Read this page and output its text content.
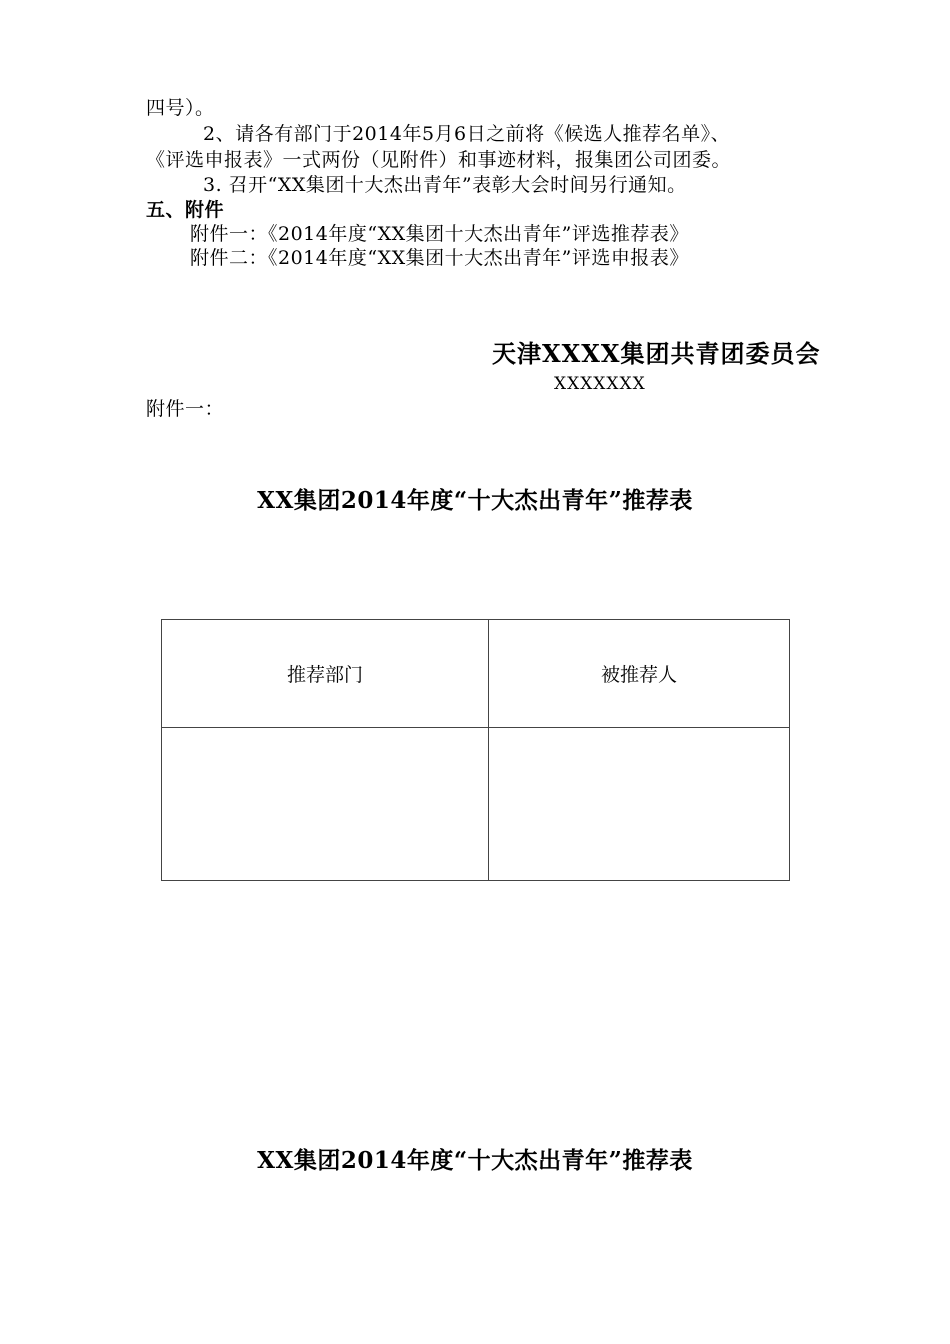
四号）。
2、请各有部门于2014年5月6日之前将《候选人推荐名单》、
《评选申报表》一式两份（见附件）和事迹材料，报集团公司团委。
3. 召开“XX集团十大杰出青年”表彰大会时间另行通知。
五、附件
附件一：《2014年度“XX集团十大杰出青年”评选推荐表》
附件二：《2014年度“XX集团十大杰出青年”评选申报表》
天津XXXX集团共青团委员会
XXXXXXX
附件一：
XX集团2014年度“十大杰出青年”推荐表
推荐部门	被推荐人

XX集团2014年度“十大杰出青年”推荐表
